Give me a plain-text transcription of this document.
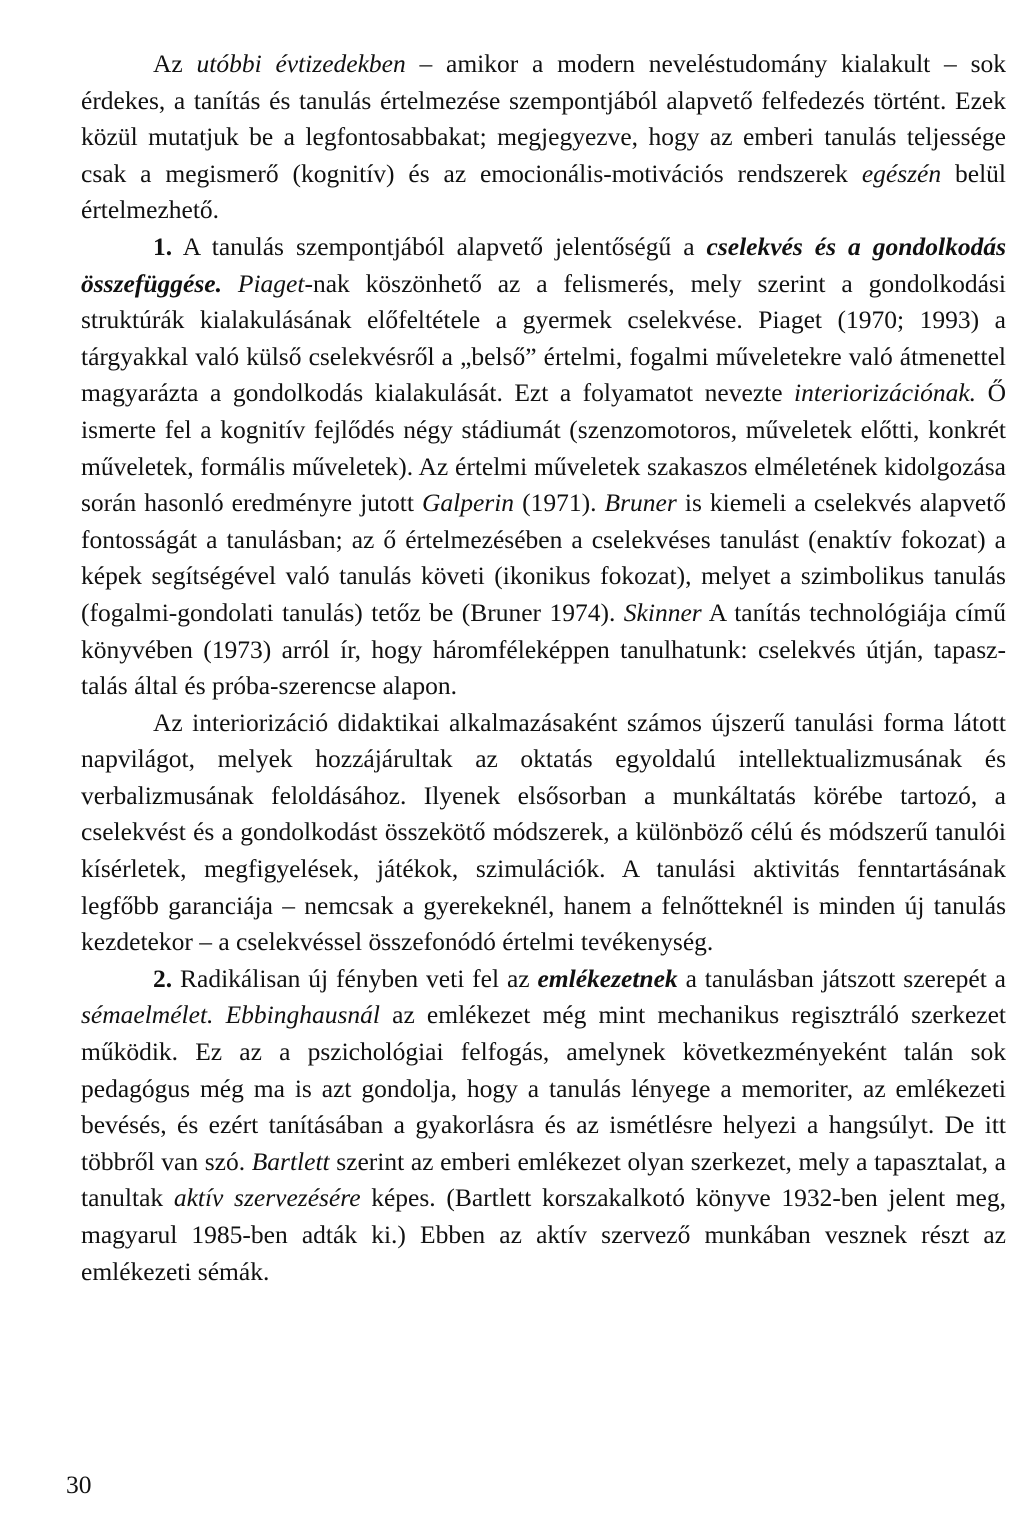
Az utóbbi évtizedekben – amikor a modern neveléstudomány kialakult – sok érdekes, a tanítás és tanulás értelmezése szempontjából alapvető felfedezés történt. Ezek közül mutatjuk be a legfontosabbakat; megjegyezve, hogy az emberi tanulás teljessége csak a megismerő (kognitív) és az emocionális-motivációs rendszerek egészén belül értelmezhető.

1. A tanulás szempontjából alapvető jelentőségű a cselekvés és a gondolkodás összefüggése. Piaget-nak köszönhető az a felismerés, mely szerint a gondolkodási struktúrák kialakulásának előfeltétele a gyermek cselekvése. Piaget (1970; 1993) a tárgyakkal való külső cselekvésről a „belső” értelmi, fogalmi műveletekre való átmenettel magyarázta a gondolkodás kialakulását. Ezt a folyamatot nevezte interiorizációnak. Ő ismerte fel a kognitív fejlődés négy stádiumát (szenzomotoros, műveletek előtti, konkrét műveletek, formális műveletek). Az értelmi műveletek szakaszos elméletének kidolgozása során hasonló eredményre jutott Galperin (1971). Bruner is kiemeli a cselekvés alapvető fontosságát a tanulásban; az ő értelmezésében a cselekvéses tanulást (enaktív fokozat) a képek segítségével való tanulás követi (ikonikus fokozat), melyet a szimbolikus tanulás (fogalmi-gondolati tanulás) tetőz be (Bruner 1974). Skinner A tanítás technológiája című könyvében (1973) arról ír, hogy háromféleképpen tanulhatunk: cselekvés útján, tapasztalás által és próba-szerencse alapon.

Az interiorizáció didaktikai alkalmazásaként számos újszerű tanulási forma látott napvilágot, melyek hozzájárultak az oktatás egyoldalú intellektualizmusának és verbalizmusának feloldásához. Ilyenek elsősorban a munkáltatás körébe tartozó, a cselekvést és a gondolkodást összekötő módszerek, a különböző célú és módszerű tanulói kísérletek, megfigyelések, játékok, szimulációk. A tanulási aktivitás fenntartásának legfőbb garanciája – nemcsak a gyerekeknél, hanem a felnőtteknél is minden új tanulás kezdetekor – a cselekvéssel összefonódó értelmi tevékenység.

2. Radikálisan új fényben veti fel az emlékezetnek a tanulásban játszott szerepét a sémaelmélet. Ebbinghausnál az emlékezet még mint mechanikus regisztráló szerkezet működik. Ez az a pszichológiai felfogás, amelynek következményeként talán sok pedagógus még ma is azt gondolja, hogy a tanulás lényege a memoriter, az emlékezeti bevésés, és ezért tanításában a gyakorlásra és az ismétlésre helyezi a hangsúlyt. De itt többről van szó. Bartlett szerint az emberi emlékezet olyan szerkezet, mely a tapasztalat, a tanultak aktív szervezésére képes. (Bartlett korszakalkotó könyve 1932-ben jelent meg, magyarul 1985-ben adták ki.) Ebben az aktív szervező munkában vesznek részt az emlékezeti sémák.

30
